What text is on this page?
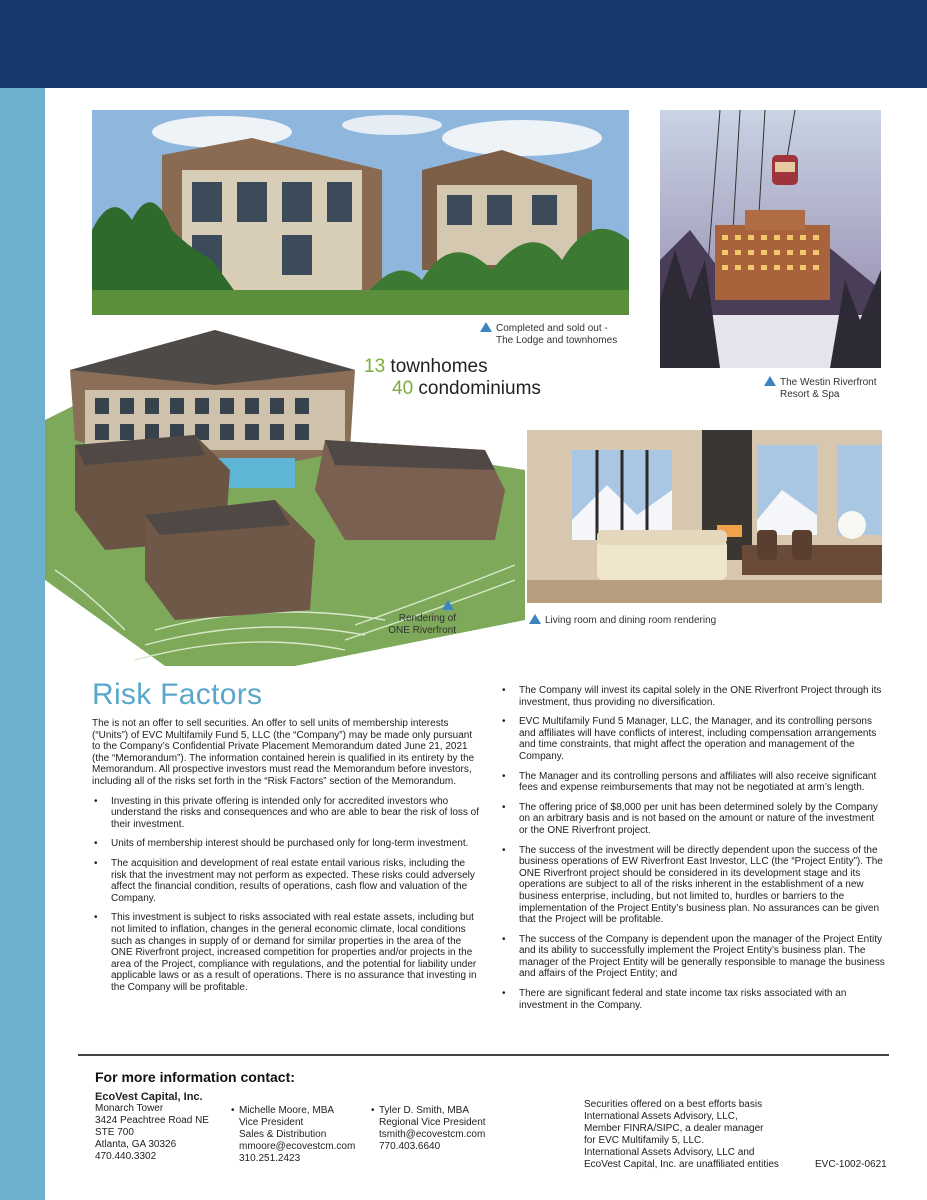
Completed and sold out -
The Lodge and townhomes
The Westin Riverfront
Resort & Spa
Rendering of
ONE Riverfront
Living room and dining room rendering
13 townhomes
40 condominiums
Risk Factors

The is not an offer to sell securities. An offer to sell units of membership interests (“Units”) of EVC Multifamily Fund 5, LLC (the “Company”) may be made only pursuant to the Company’s Confidential Private Placement Memorandum dated June 21, 2021 (the “Memorandum”). The information contained herein is qualified in its entirety by the Memorandum. All prospective investors must read the Memorandum before investors, including all of the risks set forth in the “Risk Factors” section of the Memorandum.

• Investing in this private offering is intended only for accredited investors who understand the risks and consequences and who are able to bear the risk of loss of their investment.
• Units of membership interest should be purchased only for long-term investment.
• The acquisition and development of real estate entail various risks, including the risk that the investment may not perform as expected. These risks could adversely affect the financial condition, results of operations, cash flow and valuation of the Company.
• This investment is subject to risks associated with real estate assets, including but not limited to inflation, changes in the general economic climate, local conditions such as changes in supply of or demand for similar properties in the area of the ONE Riverfront project, increased competition for properties and/or projects in the area of the Project, compliance with regulations, and the potential for liability under applicable laws or as a result of operations. There is no assurance that investing in the Company will be profitable.
• The Company will invest its capital solely in the ONE Riverfront Project through its investment, thus providing no diversification.
• EVC Multifamily Fund 5 Manager, LLC, the Manager, and its controlling persons and affiliates will have conflicts of interest, including compensation arrangements and time constraints, that might affect the operation and management of the Company.
• The Manager and its controlling persons and affiliates will also receive significant fees and expense reimbursements that may not be negotiated at arm’s length.
• The offering price of $8,000 per unit has been determined solely by the Company on an arbitrary basis and is not based on the amount or nature of the investment or the ONE Riverfront project.
• The success of the investment will be directly dependent upon the success of the business operations of EW Riverfront East Investor, LLC (the “Project Entity”). The ONE Riverfront project should be considered in its development stage and its operations are subject to all of the risks inherent in the establishment of a new business enterprise, including, but not limited to, hurdles or barriers to the implementation of the Project Entity’s business plan. No assurances can be given that the Project will be profitable.
• The success of the Company is dependent upon the manager of the Project Entity and its ability to successfully implement the Project Entity’s business plan. The manager of the Project Entity will be generally responsible to manage the business and affairs of the Project Entity; and
• There are significant federal and state income tax risks associated with an investment in the Company.
For more information contact:
EcoVest Capital, Inc.
Monarch Tower
3424 Peachtree Road NE
STE 700
Atlanta, GA 30326
470.440.3302
• Michelle Moore, MBA
Vice President
Sales & Distribution
mmoore@ecovestcm.com
310.251.2423
• Tyler D. Smith, MBA
Regional Vice President
tsmith@ecovestcm.com
770.403.6640
Securities offered on a best efforts basis
International Assets Advisory, LLC,
Member FINRA/SIPC, a dealer manager
for EVC Multifamily 5, LLC.
International Assets Advisory, LLC and
EcoVest Capital, Inc. are unaffiliated entities	EVC-1002-0621
